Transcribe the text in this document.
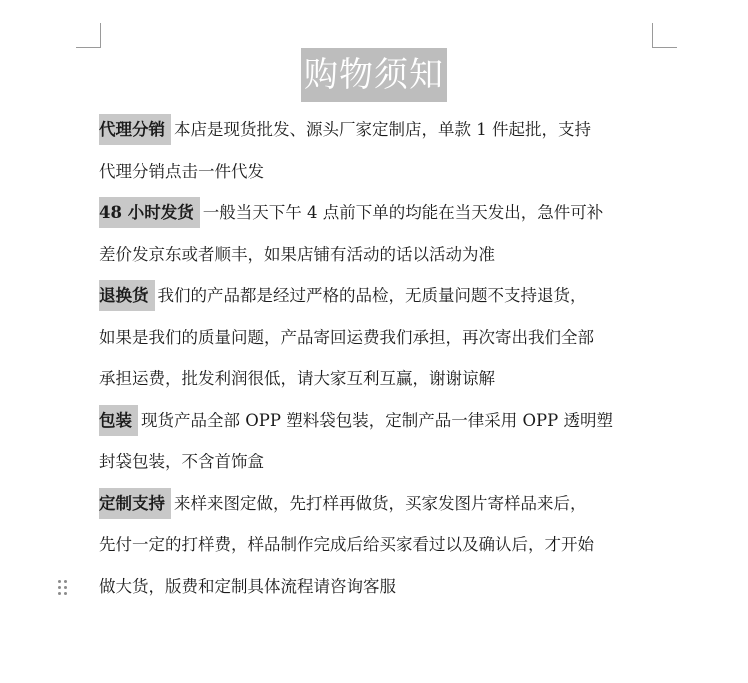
购物须知

代理分销 本店是现货批发、源头厂家定制店，单款 1 件起批，支持

代理分销点击一件代发

48 小时发货 一般当天下午 4 点前下单的均能在当天发出，急件可补

差价发京东或者顺丰，如果店铺有活动的话以活动为准

退换货 我们的产品都是经过严格的品检，无质量问题不支持退货，

如果是我们的质量问题，产品寄回运费我们承担，再次寄出我们全部

承担运费，批发利润很低，请大家互利互赢，谢谢谅解

包装 现货产品全部 OPP 塑料袋包装，定制产品一律采用 OPP 透明塑

封袋包装，不含首饰盒

定制支持 来样来图定做，先打样再做货，买家发图片寄样品来后，

先付一定的打样费，样品制作完成后给买家看过以及确认后，才开始

做大货，版费和定制具体流程请咨询客服
